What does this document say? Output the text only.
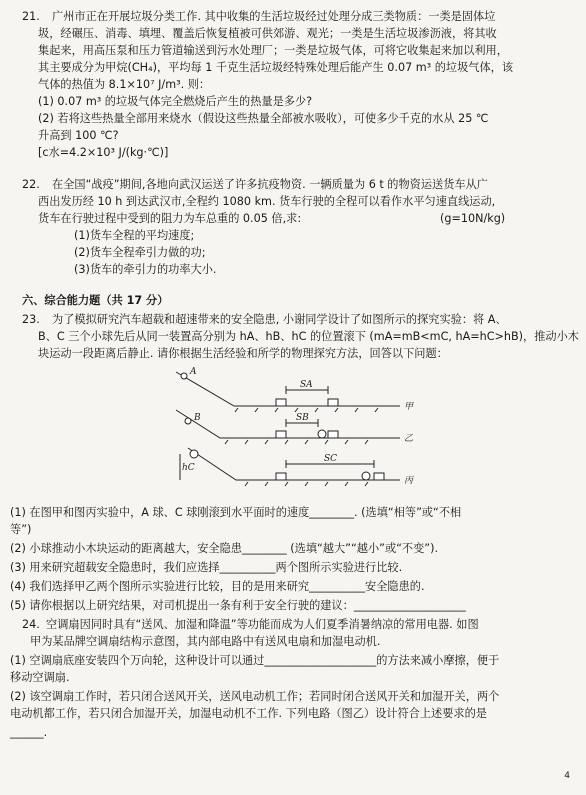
21. 广州市正在开展垃圾分类工作. 其中收集的生活垃圾经过处理分成三类物质：一类是固体垃
圾，经碾压、消毒、填埋、覆盖后恢复植被可供郊游、观光；一类是生活垃圾渗沥液，将其收
集起来，用高压泵和压力管道输送到污水处理厂；一类是垃圾气体，可将它收集起来加以利用，
其主要成分为甲烷(CH₄)，平均每 1 千克生活垃圾经特殊处理后能产生 0.07 m³ 的垃圾气体，该
气体的热值为 8.1×10⁷ J/m³. 则：
(1) 0.07 m³ 的垃圾气体完全燃烧后产生的热量是多少?
(2) 若将这些热量全部用来烧水（假设这些热量全部被水吸收），可使多少千克的水从 25 ℃
升高到 100 ℃?
[c水=4.2×10³ J/(kg·℃)]
22. 在全国“战疫”期间,各地向武汉运送了许多抗疫物资. 一辆质量为 6 t 的物资运送货车从广
西出发历经 10 h 到达武汉市,全程约 1080 km. 货车行驶的全程可以看作水平匀速直线运动,
货车在行驶过程中受到的阻力为车总重的 0.05 倍,求:	(g=10N/kg)
(1)货车全程的平均速度;
(2)货车全程牵引力做的功;
(3)货车的牵引力的功率大小.
六、综合能力题（共 17 分）
23. 为了模拟研究汽车超载和超速带来的安全隐患, 小谢同学设计了如图所示的探究实验：将 A、
B、C 三个小球先后从同一装置高分别为 hA、hB、hC 的位置滚下 (mA=mB<mC, hA=hC>hB)，推动小木
块运动一段距离后静止. 请你根据生活经验和所学的物理探究方法，回答以下问题：
A
B
hC
SA
SB
SC
甲
乙
丙
(1) 在图甲和图丙实验中，A 球、C 球刚滚到水平面时的速度________. (选填“相等”或“不相
等”)
(2) 小球推动小木块运动的距离越大，安全隐患________ (选填“越大”“越小”或“不变”).
(3) 用来研究超载安全隐患时，我们应选择__________两个图所示实验进行比较.
(4) 我们选择甲乙两个图所示实验进行比较，目的是用来研究__________安全隐患的.
(5) 请你根据以上研究结果，对司机提出一条有利于安全行驶的建议：____________________
24. 空调扇因同时具有“送风、加湿和降温”等功能而成为人们夏季消暑纳凉的常用电器. 如图
甲为某品牌空调扇结构示意图，其内部电路中有送风电扇和加湿电动机.
(1) 空调扇底座安装四个万向轮，这种设计可以通过____________________的方法来减小摩擦，便于
移动空调扇.
(2) 该空调扇工作时，若只闭合送风开关，送风电动机工作；若同时闭合送风开关和加湿开关，两个
电动机都工作，若只闭合加湿开关，加湿电动机不工作. 下列电路（图乙）设计符合上述要求的是
______.
4
